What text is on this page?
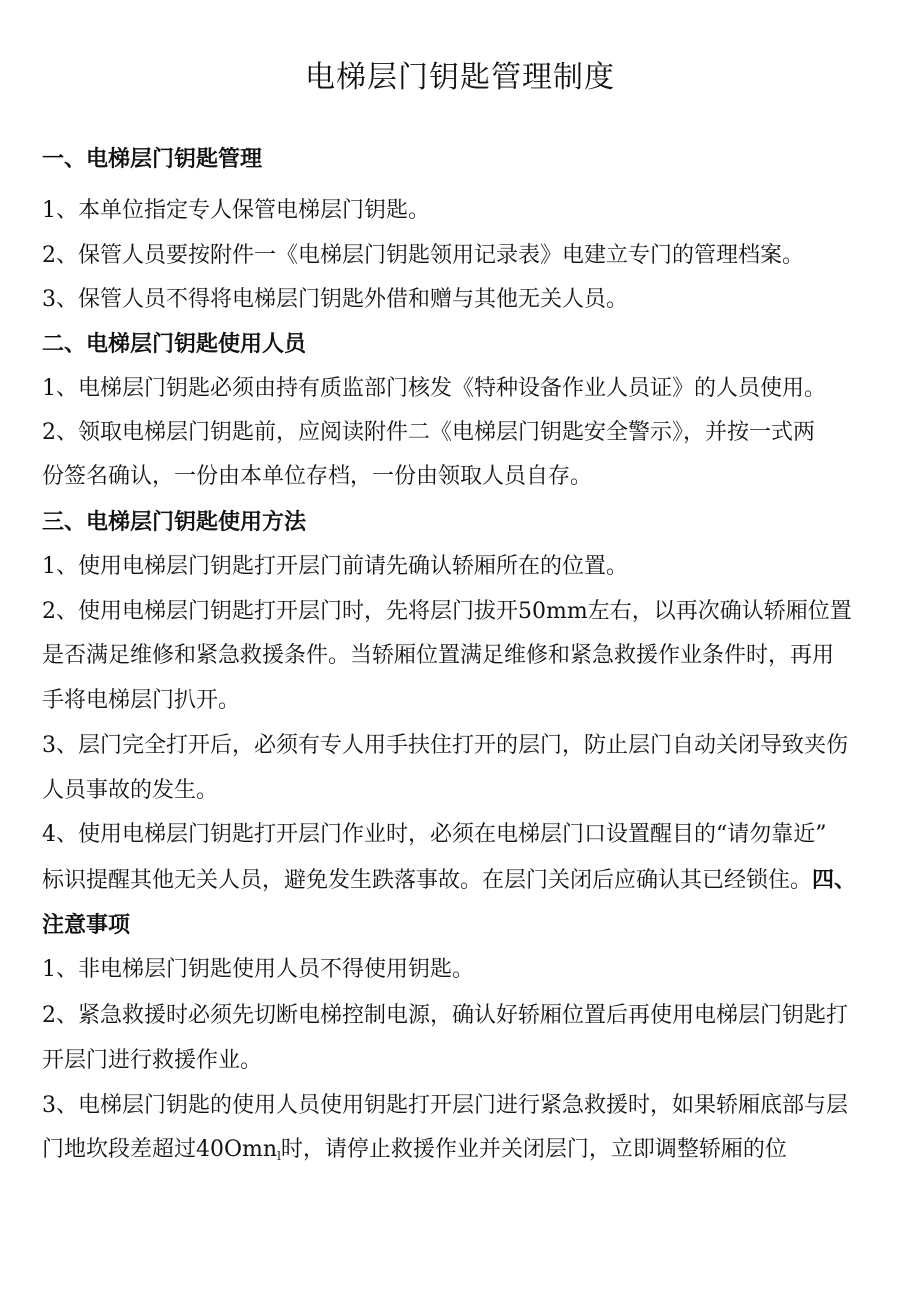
电梯层门钥匙管理制度
一、电梯层门钥匙管理
1、本单位指定专人保管电梯层门钥匙。
2、保管人员要按附件一《电梯层门钥匙领用记录表》电建立专门的管理档案。
3、保管人员不得将电梯层门钥匙外借和赠与其他无关人员。
二、电梯层门钥匙使用人员
1、电梯层门钥匙必须由持有质监部门核发《特种设备作业人员证》的人员使用。
2、领取电梯层门钥匙前，应阅读附件二《电梯层门钥匙安全警示》，并按一式两
份签名确认，一份由本单位存档，一份由领取人员自存。
三、电梯层门钥匙使用方法
1、使用电梯层门钥匙打开层门前请先确认轿厢所在的位置。
2、使用电梯层门钥匙打开层门时，先将层门拔开50mm左右，以再次确认轿厢位置
是否满足维修和紧急救援条件。当轿厢位置满足维修和紧急救援作业条件时，再用
手将电梯层门扒开。
3、层门完全打开后，必须有专人用手扶住打开的层门，防止层门自动关闭导致夹伤
人员事故的发生。
4、使用电梯层门钥匙打开层门作业时，必须在电梯层门口设置醒目的“请勿靠近”
标识提醒其他无关人员，避免发生跌落事故。在层门关闭后应确认其已经锁住。四、
注意事项
1、非电梯层门钥匙使用人员不得使用钥匙。
2、紧急救援时必须先切断电梯控制电源，确认好轿厢位置后再使用电梯层门钥匙打
开层门进行救援作业。
3、电梯层门钥匙的使用人员使用钥匙打开层门进行紧急救援时，如果轿厢底部与层
门地坎段差超过40Omn$_l$时，请停止救援作业并关闭层门，立即调整轿厢的位
